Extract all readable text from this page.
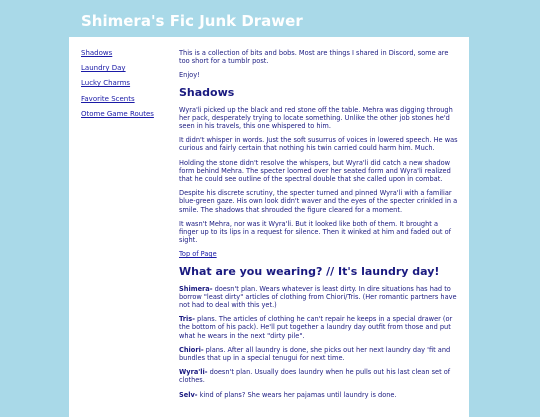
Shimera's Fic Junk Drawer
Shadows
Laundry Day
Lucky Charms
Favorite Scents
Otome Game Routes

This is a collection of bits and bobs. Most are things I shared in Discord, some are too short for a tumblr post.

Enjoy!

Shadows

Wyra'li picked up the black and red stone off the table. Mehra was digging through her pack, desperately trying to locate something. Unlike the other job stones he'd seen in his travels, this one whispered to him.

It didn't whisper in words. Just the soft susurrus of voices in lowered speech. He was curious and fairly certain that nothing his twin carried could harm him. Much.

Holding the stone didn't resolve the whispers, but Wyra'li did catch a new shadow form behind Mehra. The specter loomed over her seated form and Wyra'li realized that he could see outline of the spectral double that she called upon in combat.

Despite his discrete scrutiny, the specter turned and pinned Wyra'li with a familiar blue-green gaze. His own look didn't waver and the eyes of the specter crinkled in a smile. The shadows that shrouded the figure cleared for a moment.

It wasn't Mehra, nor was it Wyra'li. But it looked like both of them. It brought a finger up to its lips in a request for silence. Then it winked at him and faded out of sight.

Top of Page

What are you wearing? // It's laundry day!

Shimera- doesn't plan. Wears whatever is least dirty. In dire situations has had to borrow "least dirty" articles of clothing from Chiori/Tris. (Her romantic partners have not had to deal with this yet.)

Tris- plans. The articles of clothing he can't repair he keeps in a special drawer (or the bottom of his pack). He'll put together a laundry day outfit from those and put what he wears in the next "dirty pile".

Chiori- plans. After all laundry is done, she picks out her next laundry day 'fit and bundles that up in a special tenugui for next time.

Wyra'li- doesn't plan. Usually does laundry when he pulls out his last clean set of clothes.

Selv- kind of plans? She wears her pajamas until laundry is done.
